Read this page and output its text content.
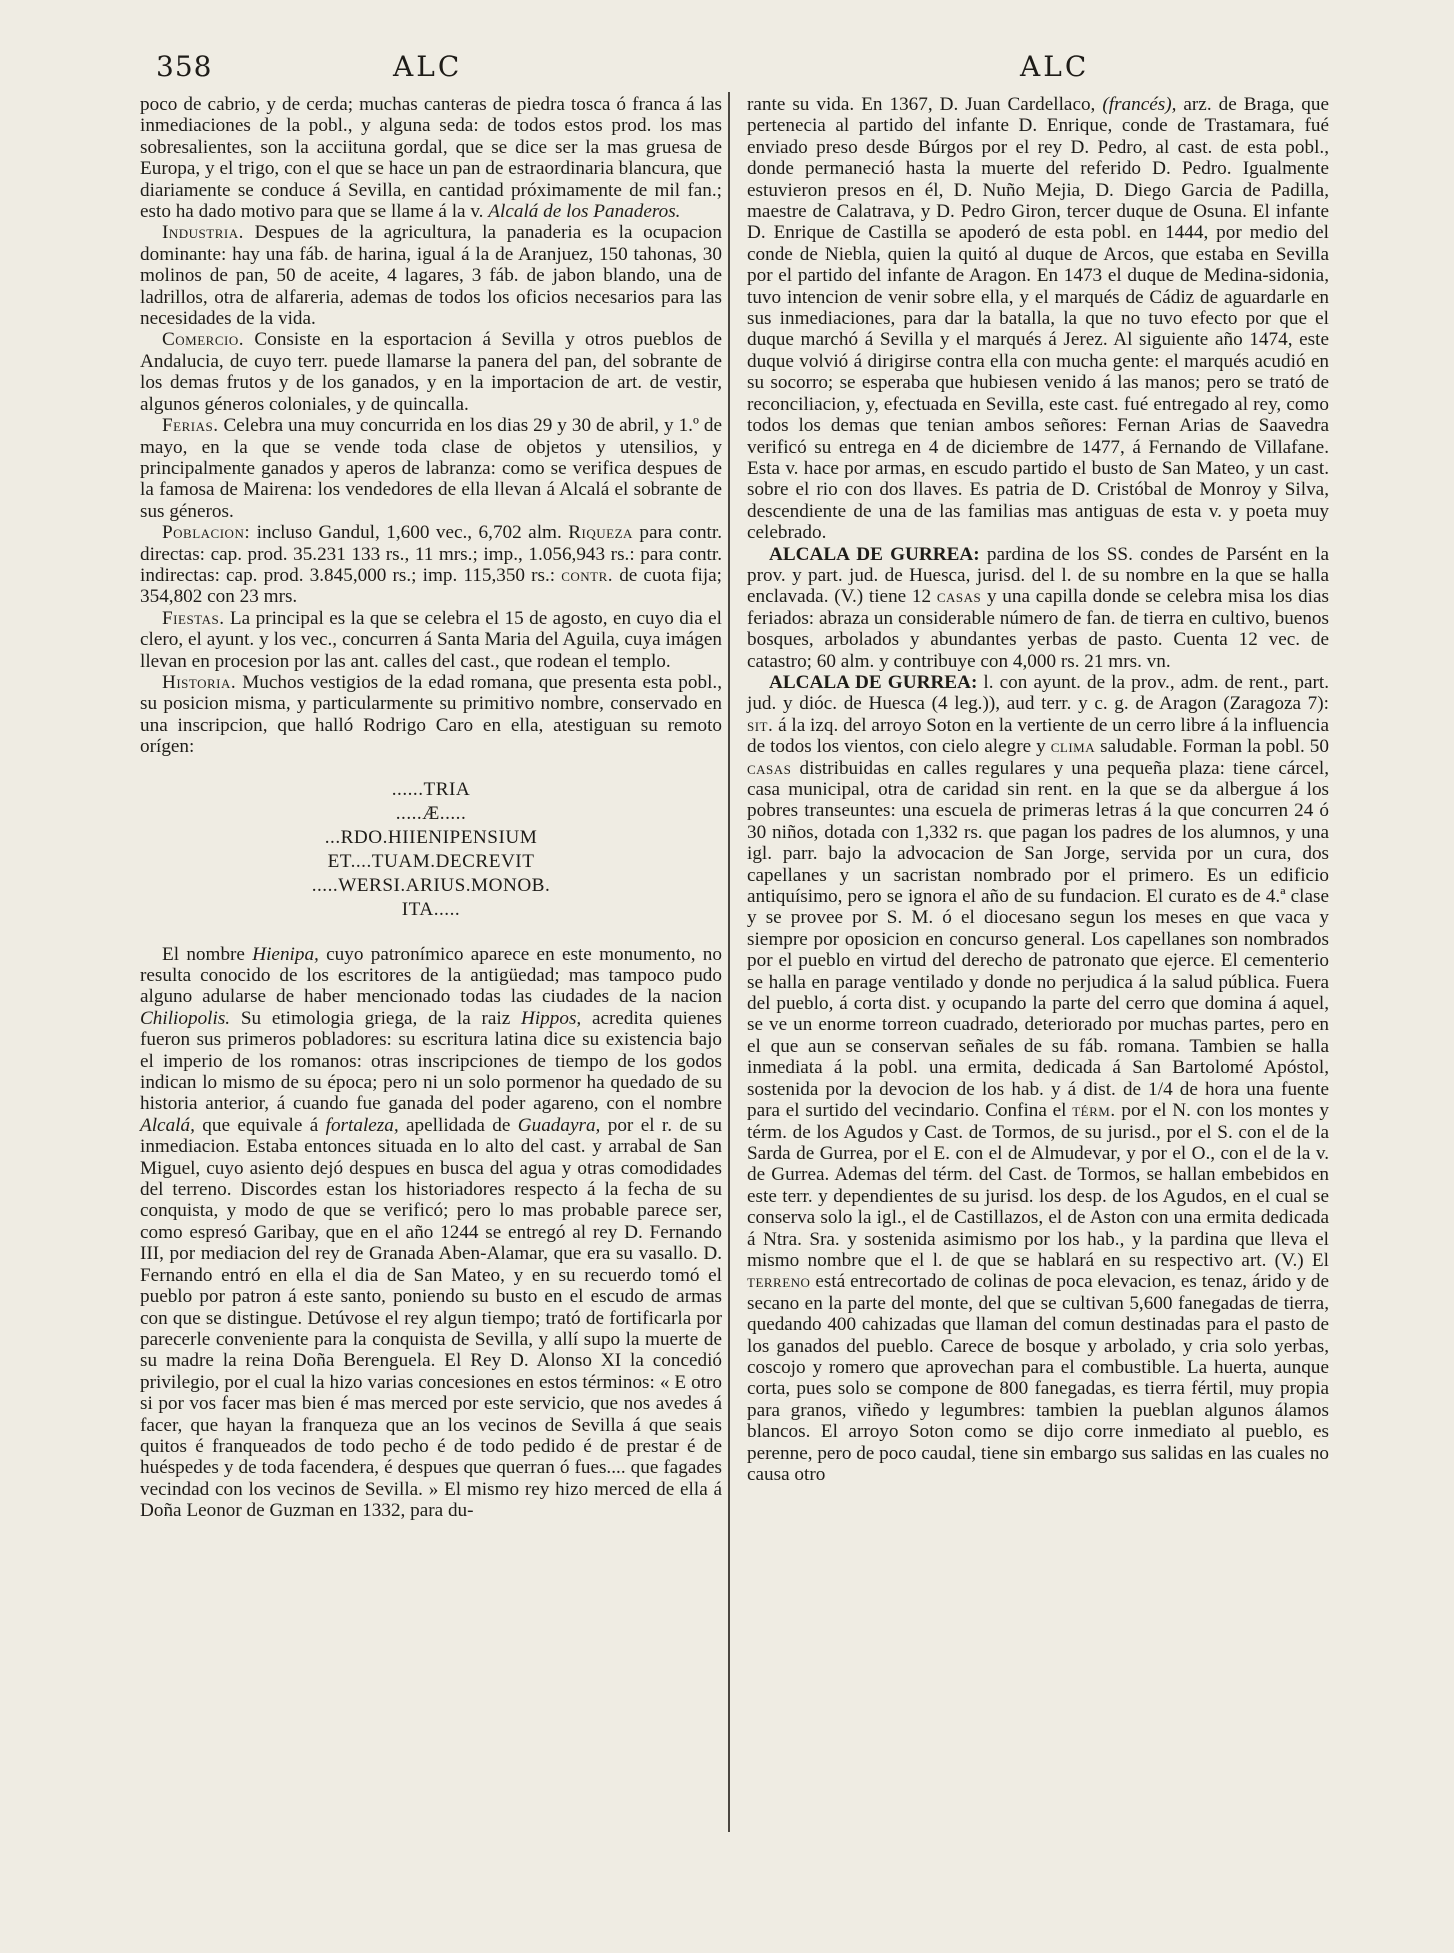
358	ALC	ALC

poco de cabrio, y de cerda; muchas canteras de piedra tosca ó franca á las inmediaciones de la pobl., y alguna seda: de todos estos prod. los mas sobresalientes, son la acciituna gordal, que se dice ser la mas gruesa de Europa, y el trigo, con el que se hace un pan de estraordinaria blancura, que diariamente se conduce á Sevilla, en cantidad próximamente de mil fan.; esto ha dado motivo para que se llame á la v. Alcalá de los Panaderos.

Industria. Despues de la agricultura, la panaderia es la ocupacion dominante: hay una fáb. de harina, igual á la de Aranjuez, 150 tahonas, 30 molinos de pan, 50 de aceite, 4 lagares, 3 fáb. de jabon blando, una de ladrillos, otra de alfareria, ademas de todos los oficios necesarios para las necesidades de la vida.

Comercio. Consiste en la esportacion á Sevilla y otros pueblos de Andalucia, de cuyo terr. puede llamarse la panera del pan, del sobrante de los demas frutos y de los ganados, y en la importacion de art. de vestir, algunos géneros coloniales, y de quincalla.

Ferias. Celebra una muy concurrida en los dias 29 y 30 de abril, y 1.º de mayo, en la que se vende toda clase de objetos y utensilios, y principalmente ganados y aperos de labranza: como se verifica despues de la famosa de Mairena: los vendedores de ella llevan á Alcalá el sobrante de sus géneros.

Poblacion: incluso Gandul, 1,600 vec., 6,702 alm. Riqueza para contr. directas: cap. prod. 35.231 133 rs., 11 mrs.; imp., 1.056,943 rs.: para contr. indirectas: cap. prod. 3.845,000 rs.; imp. 115,350 rs.: contr. de cuota fija; 354,802 con 23 mrs.

Fiestas. La principal es la que se celebra el 15 de agosto, en cuyo dia el clero, el ayunt. y los vec., concurren á Santa Maria del Aguila, cuya imágen llevan en procesion por las ant. calles del cast., que rodean el templo.

Historia. Muchos vestigios de la edad romana, que presenta esta pobl., su posicion misma, y particularmente su primitivo nombre, conservado en una inscripcion, que halló Rodrigo Caro en ella, atestiguan su remoto orígen:

......TRIA
.....Æ.....
...RDO.HIIENIPENSIUM
ET....TUAM.DECREVIT
.....WERSI.ARIUS.MONOB.
ITA.....

El nombre Hienipa, cuyo patronímico aparece en este monumento, no resulta conocido de los escritores de la antigüedad; mas tampoco pudo alguno adularse de haber mencionado todas las ciudades de la nacion Chiliopolis. Su etimologia griega, de la raiz Hippos, acredita quienes fueron sus primeros pobladores: su escritura latina dice su existencia bajo el imperio de los romanos: otras inscripciones de tiempo de los godos indican lo mismo de su época; pero ni un solo pormenor ha quedado de su historia anterior, á cuando fue ganada del poder agareno, con el nombre Alcalá, que equivale á fortaleza, apellidada de Guadayra, por el r. de su inmediacion. Estaba entonces situada en lo alto del cast. y arrabal de San Miguel, cuyo asiento dejó despues en busca del agua y otras comodidades del terreno. Discordes estan los historiadores respecto á la fecha de su conquista, y modo de que se verificó; pero lo mas probable parece ser, como espresó Garibay, que en el año 1244 se entregó al rey D. Fernando III, por mediacion del rey de Granada Aben-Alamar, que era su vasallo. D. Fernando entró en ella el dia de San Mateo, y en su recuerdo tomó el pueblo por patron á este santo, poniendo su busto en el escudo de armas con que se distingue. Detúvose el rey algun tiempo; trató de fortificarla por parecerle conveniente para la conquista de Sevilla, y allí supo la muerte de su madre la reina Doña Berenguela. El Rey D. Alonso XI la concedió privilegio, por el cual la hizo varias concesiones en estos términos: « E otro si por vos facer mas bien é mas merced por este servicio, que nos avedes á facer, que hayan la franqueza que an los vecinos de Sevilla á que seais quitos é franqueados de todo pecho é de todo pedido é de prestar é de huéspedes y de toda facendera, é despues que querran ó fues.... que fagades vecindad con los vecinos de Sevilla. » El mismo rey hizo merced de ella á Doña Leonor de Guzman en 1332, para du-

rante su vida. En 1367, D. Juan Cardellaco, (francés), arz. de Braga, que pertenecia al partido del infante D. Enrique, conde de Trastamara, fué enviado preso desde Búrgos por el rey D. Pedro, al cast. de esta pobl., donde permaneció hasta la muerte del referido D. Pedro. Igualmente estuvieron presos en él, D. Nuño Mejia, D. Diego Garcia de Padilla, maestre de Calatrava, y D. Pedro Giron, tercer duque de Osuna. El infante D. Enrique de Castilla se apoderó de esta pobl. en 1444, por medio del conde de Niebla, quien la quitó al duque de Arcos, que estaba en Sevilla por el partido del infante de Aragon. En 1473 el duque de Medina-sidonia, tuvo intencion de venir sobre ella, y el marqués de Cádiz de aguardarle en sus inmediaciones, para dar la batalla, la que no tuvo efecto por que el duque marchó á Sevilla y el marqués á Jerez. Al siguiente año 1474, este duque volvió á dirigirse contra ella con mucha gente: el marqués acudió en su socorro; se esperaba que hubiesen venido á las manos; pero se trató de reconciliacion, y, efectuada en Sevilla, este cast. fué entregado al rey, como todos los demas que tenian ambos señores: Fernan Arias de Saavedra verificó su entrega en 4 de diciembre de 1477, á Fernando de Villafane. Esta v. hace por armas, en escudo partido el busto de San Mateo, y un cast. sobre el rio con dos llaves. Es patria de D. Cristóbal de Monroy y Silva, descendiente de una de las familias mas antiguas de esta v. y poeta muy celebrado.

ALCALA DE GURREA: pardina de los SS. condes de Parsént en la prov. y part. jud. de Huesca, jurisd. del l. de su nombre en la que se halla enclavada. (V.) tiene 12 casas y una capilla donde se celebra misa los dias feriados: abraza un considerable número de fan. de tierra en cultivo, buenos bosques, arbolados y abundantes yerbas de pasto. Cuenta 12 vec. de catastro; 60 alm. y contribuye con 4,000 rs. 21 mrs. vn.

ALCALA DE GURREA: l. con ayunt. de la prov., adm. de rent., part. jud. y dióc. de Huesca (4 leg.)), aud terr. y c. g. de Aragon (Zaragoza 7): sit. á la izq. del arroyo Soton en la vertiente de un cerro libre á la influencia de todos los vientos, con cielo alegre y clima saludable. Forman la pobl. 50 casas distribuidas en calles regulares y una pequeña plaza: tiene cárcel, casa municipal, otra de caridad sin rent. en la que se da albergue á los pobres transeuntes: una escuela de primeras letras á la que concurren 24 ó 30 niños, dotada con 1,332 rs. que pagan los padres de los alumnos, y una igl. parr. bajo la advocacion de San Jorge, servida por un cura, dos capellanes y un sacristan nombrado por el primero. Es un edificio antiquísimo, pero se ignora el año de su fundacion. El curato es de 4.ª clase y se provee por S. M. ó el diocesano segun los meses en que vaca y siempre por oposicion en concurso general. Los capellanes son nombrados por el pueblo en virtud del derecho de patronato que ejerce. El cementerio se halla en parage ventilado y donde no perjudica á la salud pública. Fuera del pueblo, á corta dist. y ocupando la parte del cerro que domina á aquel, se ve un enorme torreon cuadrado, deteriorado por muchas partes, pero en el que aun se conservan señales de su fáb. romana. Tambien se halla inmediata á la pobl. una ermita, dedicada á San Bartolomé Apóstol, sostenida por la devocion de los hab. y á dist. de 1/4 de hora una fuente para el surtido del vecindario. Confina el térm. por el N. con los montes y térm. de los Agudos y Cast. de Tormos, de su jurisd., por el S. con el de la Sarda de Gurrea, por el E. con el de Almudevar, y por el O., con el de la v. de Gurrea. Ademas del térm. del Cast. de Tormos, se hallan embebidos en este terr. y dependientes de su jurisd. los desp. de los Agudos, en el cual se conserva solo la igl., el de Castillazos, el de Aston con una ermita dedicada á Ntra. Sra. y sostenida asimismo por los hab., y la pardina que lleva el mismo nombre que el l. de que se hablará en su respectivo art. (V.) El terreno está entrecortado de colinas de poca elevacion, es tenaz, árido y de secano en la parte del monte, del que se cultivan 5,600 fanegadas de tierra, quedando 400 cahizadas que llaman del comun destinadas para el pasto de los ganados del pueblo. Carece de bosque y arbolado, y cria solo yerbas, coscojo y romero que aprovechan para el combustible. La huerta, aunque corta, pues solo se compone de 800 fanegadas, es tierra fértil, muy propia para granos, viñedo y legumbres: tambien la pueblan algunos álamos blancos. El arroyo Soton como se dijo corre inmediato al pueblo, es perenne, pero de poco caudal, tiene sin embargo sus salidas en las cuales no causa otro
